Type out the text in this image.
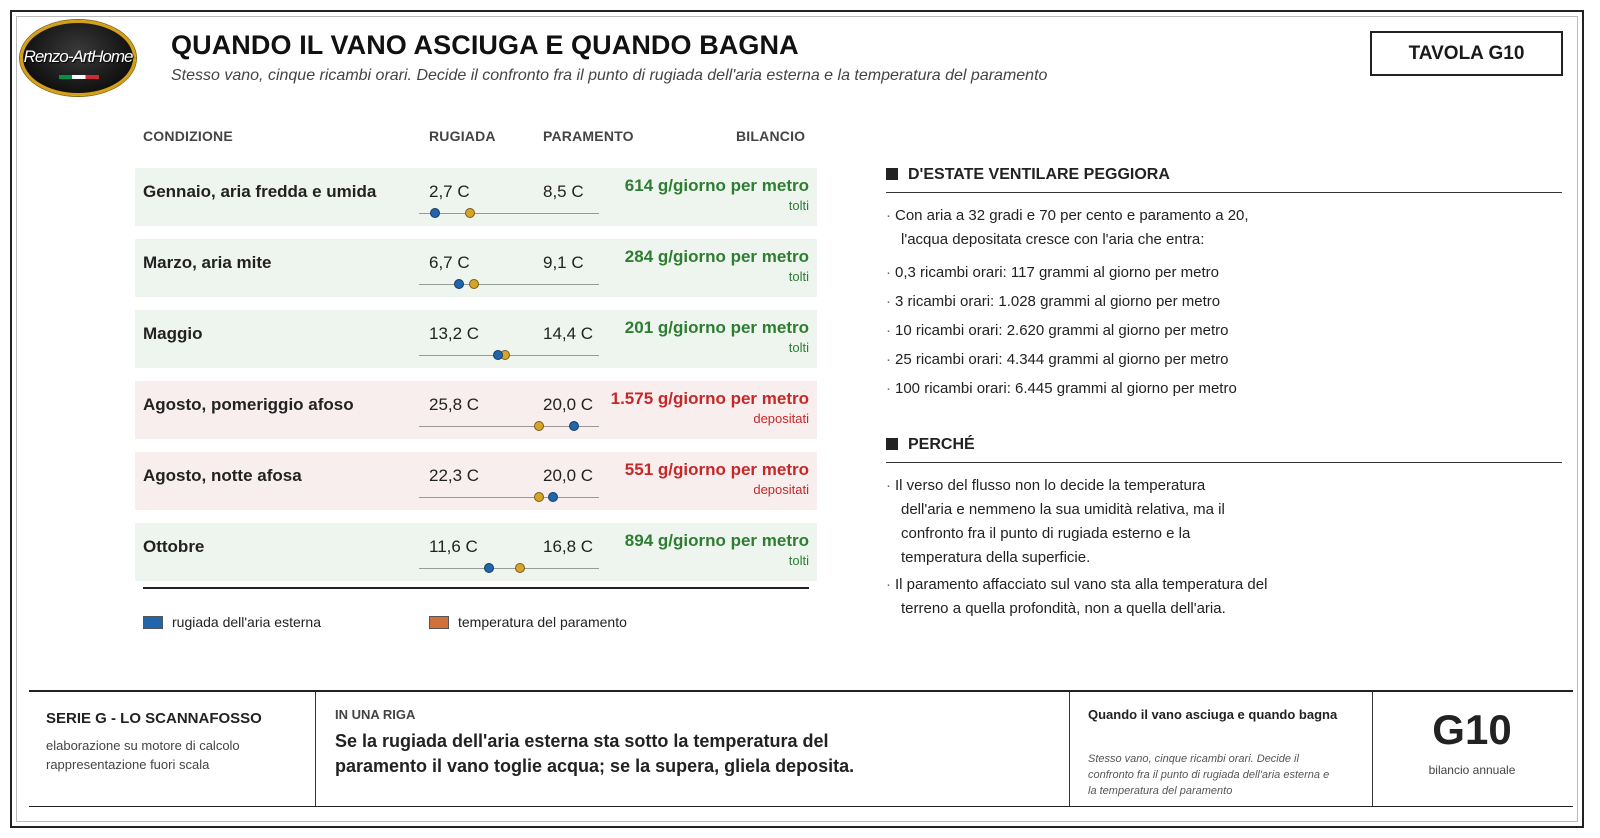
Renzo-ArtHome QUANDO IL VANO ASCIUGA E QUANDO BAGNA
Stesso vano, cinque ricambi orari. Decide il confronto fra il punto di rugiada dell'aria esterna e la temperatura del paramento
TAVOLA G10
CONDIZIONE	RUGIADA	PARAMENTO	BILANCIO
Gennaio, aria fredda e umida	2,7 C	8,5 C 614 g/giorno per metro
tolti
Marzo, aria mite	6,7 C	9,1 C 284 g/giorno per metro
tolti
Maggio	13,2 C	14,4 C 201 g/giorno per metro
tolti
Agosto, pomeriggio afoso	25,8 C	20,0 C 1.575 g/giorno per metro
depositati
Agosto, notte afosa	22,3 C	20,0 C 551 g/giorno per metro
depositati
Ottobre	11,6 C	16,8 C 894 g/giorno per metro
tolti
rugiada dell'aria esterna	temperatura del paramento
D'ESTATE VENTILARE PEGGIORA
· Con aria a 32 gradi e 70 per cento e paramento a 20,
l'acqua depositata cresce con l'aria che entra:
· 0,3 ricambi orari: 117 grammi al giorno per metro
· 3 ricambi orari: 1.028 grammi al giorno per metro
· 10 ricambi orari: 2.620 grammi al giorno per metro
· 25 ricambi orari: 4.344 grammi al giorno per metro
· 100 ricambi orari: 6.445 grammi al giorno per metro
PERCHÉ
· Il verso del flusso non lo decide la temperatura
dell'aria e nemmeno la sua umidità relativa, ma il
confronto fra il punto di rugiada esterno e la
temperatura della superficie.
· Il paramento affacciato sul vano sta alla temperatura del
terreno a quella profondità, non a quella dell'aria.
SERIE G - LO SCANNAFOSSO
elaborazione su motore di calcolo
rappresentazione fuori scala
IN UNA RIGA
Se la rugiada dell'aria esterna sta sotto la temperatura del paramento il vano toglie acqua; se la supera, gliela deposita.
Quando il vano asciuga e quando bagna
Stesso vano, cinque ricambi orari. Decide il confronto fra il punto di rugiada dell'aria esterna e la temperatura del paramento
G10
bilancio annuale
